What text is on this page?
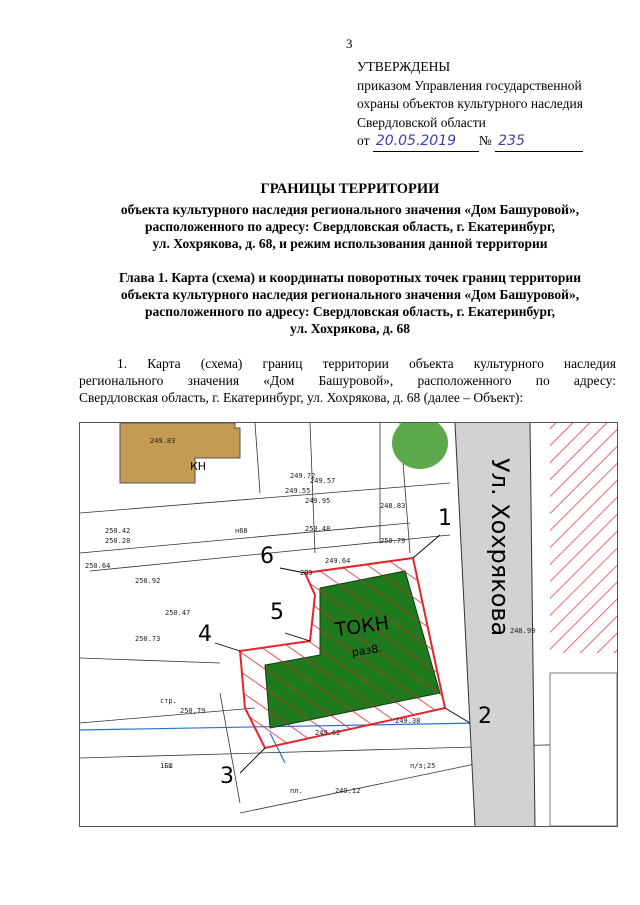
3
УТВЕРЖДЕНЫ
приказом Управления государственной
охраны объектов культурного наследия
Свердловской области
от 20.05.2019 № 235
ГРАНИЦЫ ТЕРРИТОРИИ
объекта культурного наследия регионального значения «Дом Башуровой»,
расположенного по адресу: Свердловская область, г. Екатеринбург,
ул. Хохрякова, д. 68, и режим использования данной территории
Глава 1. Карта (схема) и координаты поворотных точек границ территории
объекта культурного наследия регионального значения «Дом Башуровой»,
расположенного по адресу: Свердловская область, г. Екатеринбург,
ул. Хохрякова, д. 68
1. Карта (схема) границ территории объекта культурного наследия
регионального значения «Дом Башуровой», расположенного по адресу:
Свердловская область, г. Екатеринбург, ул. Хохрякова, д. 68 (далее – Объект):
КН	Ул. Хохрякова
ТОКН
раз8.
1
2
3
4
5
6
249.83
250.42
250.28
250.64
250.92
250.47
250.73
250.79
250.48
250.79
249.62
249.12
249.95
249.57
248.83
249.64
249.72
249.55
п/з;25
стр.
пл.
1БШ
2ПЭ
н68
249.38
248.99
